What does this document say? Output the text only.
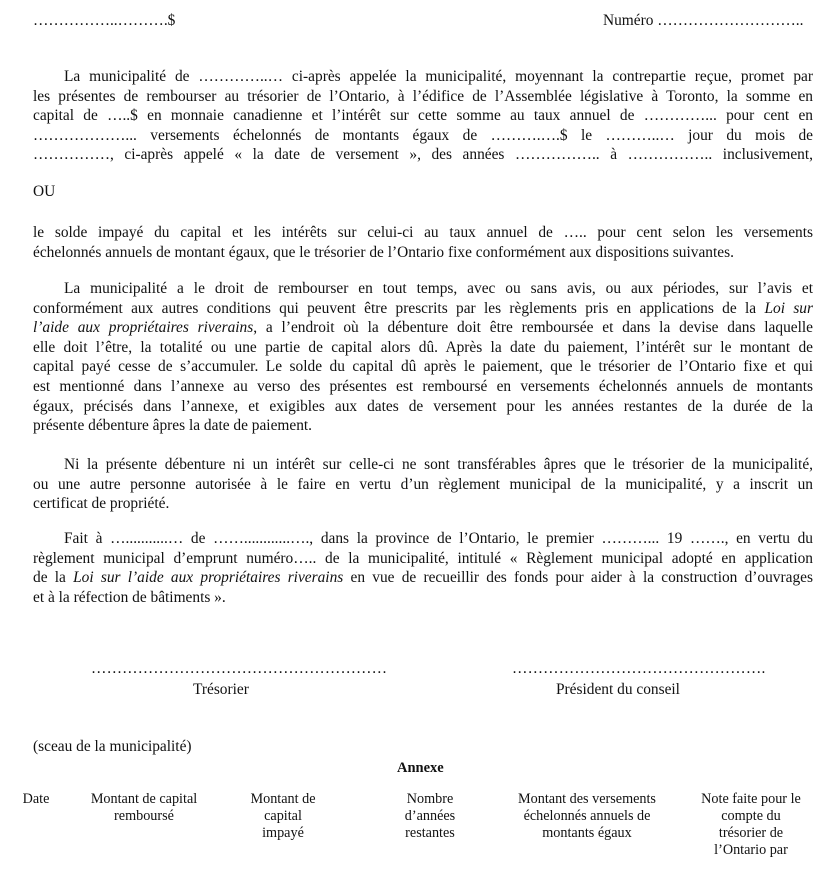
……………..……….$	Numéro ………………………..
La municipalité de …………..… ci-après appelée la municipalité, moyennant la contrepartie reçue, promet par
les présentes de rembourser au trésorier de l’Ontario, à l’édifice de l’Assemblée législative à Toronto, la somme en
capital de …..$ en monnaie canadienne et l’intérêt sur cette somme au taux annuel de …………... pour cent en
………………... versements échelonnés de montants égaux de ……….….$ le ………..… jour du mois de
……………, ci-après appelé « la date de versement », des années …………….. à …………….. inclusivement,
OU
le solde impayé du capital et les intérêts sur celui-ci au taux annuel de ….. pour cent selon les versements
échelonnés annuels de montant égaux, que le trésorier de l’Ontario fixe conformément aux dispositions suivantes.
La municipalité a le droit de rembourser en tout temps, avec ou sans avis, ou aux périodes, sur l’avis et
conformément aux autres conditions qui peuvent être prescrits par les règlements pris en applications de la Loi sur
l’aide aux propriétaires riverains, a l’endroit où la débenture doit être remboursée et dans la devise dans laquelle
elle doit l’être, la totalité ou une partie de capital alors dû. Après la date du paiement, l’intérêt sur le montant de
capital payé cesse de s’accumuler. Le solde du capital dû après le paiement, que le trésorier de l’Ontario fixe et qui
est mentionné dans l’annexe au verso des présentes est remboursé en versements échelonnés annuels de montants
égaux, précisés dans l’annexe, et exigibles aux dates de versement pour les années restantes de la durée de la
présente débenture âpres la date de paiement.
Ni la présente débenture ni un intérêt sur celle-ci ne sont transférables âpres que le trésorier de la municipalité,
ou une autre personne autorisée à le faire en vertu d’un règlement municipal de la municipalité, y a inscrit un
certificat de propriété.
Fait à …...........… de ……............…., dans la province de l’Ontario, le premier ………... 19 ……., en vertu du
règlement municipal d’emprunt numéro….. de la municipalité, intitulé « Règlement municipal adopté en application
de la Loi sur l’aide aux propriétaires riverains en vue de recueillir des fonds pour aider à la construction d’ouvrages
et à la réfection de bâtiments ».
…………………………………………………
Trésorier
………………………………………….
Président du conseil
(sceau de la municipalité)
Annexe
Date	Montant de capital
remboursé
Montant de
capital
impayé
Nombre
d’années
restantes
Montant des versements
échelonnés annuels de
montants égaux
Note faite pour le
compte du
trésorier de
l’Ontario par
